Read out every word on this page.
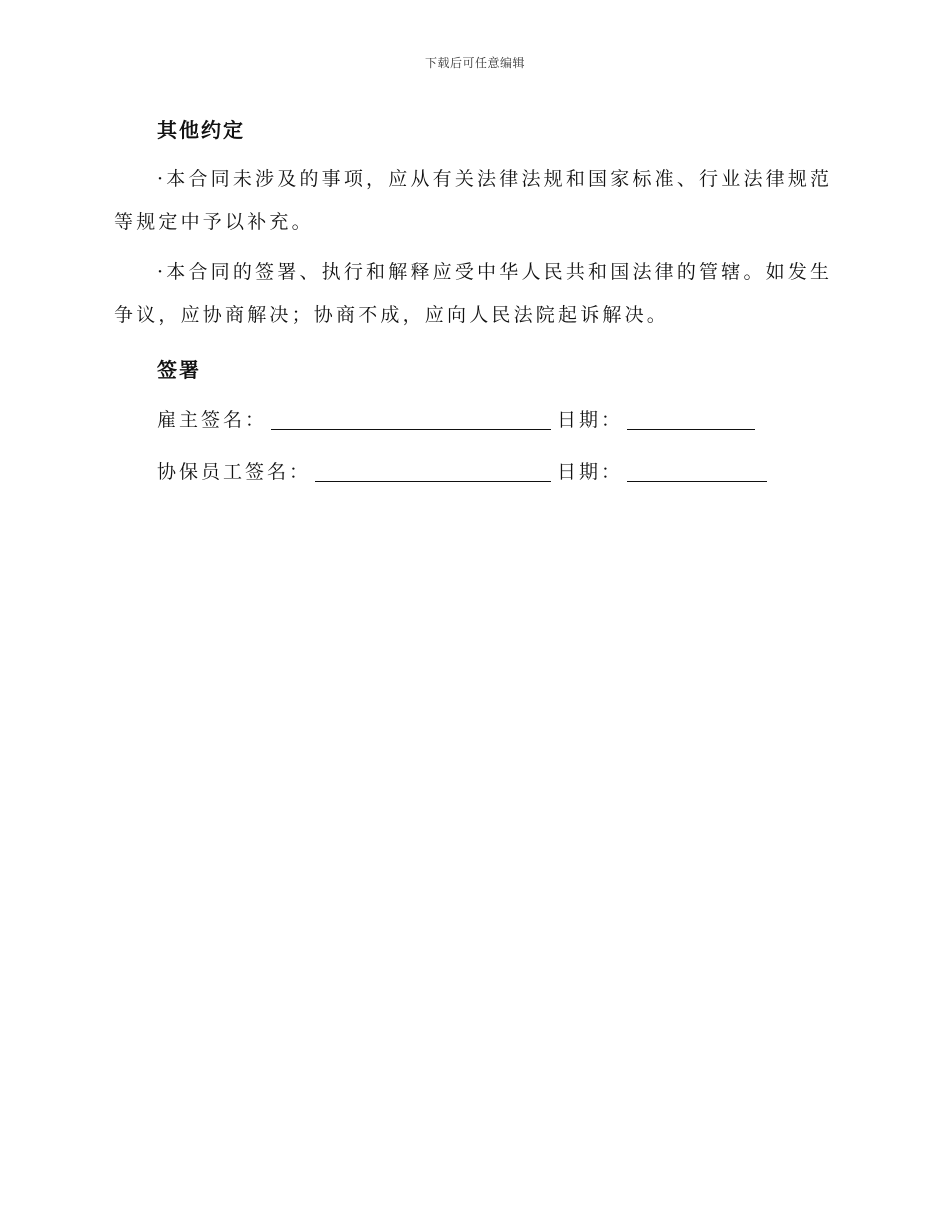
下载后可任意编辑
其他约定
·本合同未涉及的事项，应从有关法律法规和国家标准、行业法律规范等规定中予以补充。
·本合同的签署、执行和解释应受中华人民共和国法律的管辖。如发生争议，应协商解决；协商不成，应向人民法院起诉解决。
签署
雇主签名：	日期：
协保员工签名：	日期：
